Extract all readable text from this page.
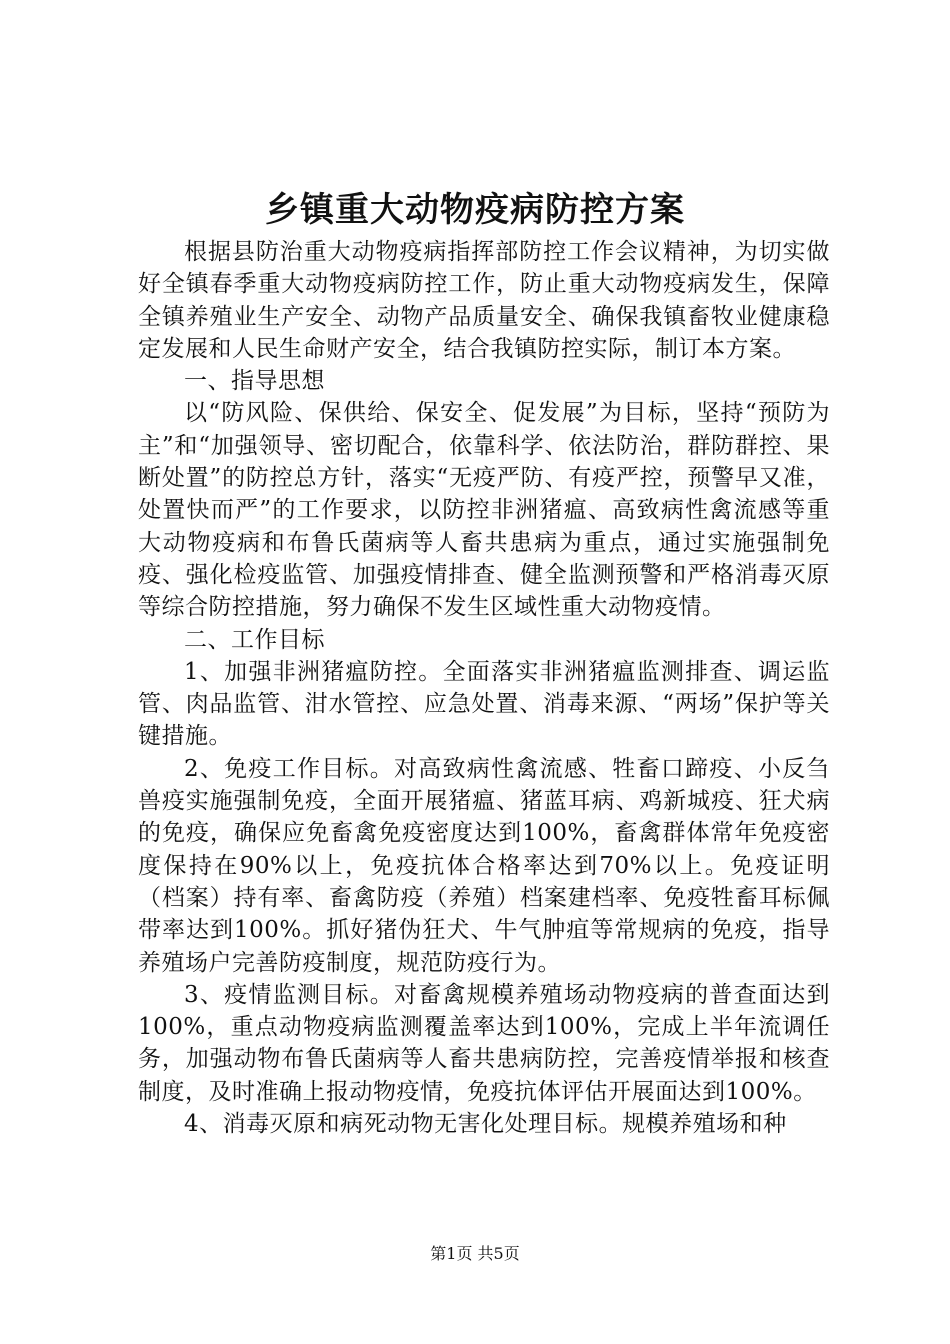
乡镇重大动物疫病防控方案

根据县防治重大动物疫病指挥部防控工作会议精神，为切实做好全镇春季重大动物疫病防控工作，防止重大动物疫病发生，保障全镇养殖业生产安全、动物产品质量安全、确保我镇畜牧业健康稳定发展和人民生命财产安全，结合我镇防控实际，制订本方案。

一、指导思想

以“防风险、保供给、保安全、促发展”为目标，坚持“预防为主”和“加强领导、密切配合，依靠科学、依法防治，群防群控、果断处置”的防控总方针，落实“无疫严防、有疫严控，预警早又准，处置快而严”的工作要求，以防控非洲猪瘟、高致病性禽流感等重大动物疫病和布鲁氏菌病等人畜共患病为重点，通过实施强制免疫、强化检疫监管、加强疫情排查、健全监测预警和严格消毒灭原等综合防控措施，努力确保不发生区域性重大动物疫情。

二、工作目标

1、加强非洲猪瘟防控。全面落实非洲猪瘟监测排查、调运监管、肉品监管、泔水管控、应急处置、消毒来源、“两场”保护等关键措施。

2、免疫工作目标。对高致病性禽流感、牲畜口蹄疫、小反刍兽疫实施强制免疫，全面开展猪瘟、猪蓝耳病、鸡新城疫、狂犬病的免疫，确保应免畜禽免疫密度达到100%，畜禽群体常年免疫密度保持在90%以上，免疫抗体合格率达到70%以上。免疫证明（档案）持有率、畜禽防疫（养殖）档案建档率、免疫牲畜耳标佩带率达到100%。抓好猪伪狂犬、牛气肿疽等常规病的免疫，指导养殖场户完善防疫制度，规范防疫行为。

3、疫情监测目标。对畜禽规模养殖场动物疫病的普查面达到100%，重点动物疫病监测覆盖率达到100%，完成上半年流调任务，加强动物布鲁氏菌病等人畜共患病防控，完善疫情举报和核查制度，及时准确上报动物疫情，免疫抗体评估开展面达到100%。

4、消毒灭原和病死动物无害化处理目标。规模养殖场和种

第1页 共5页
